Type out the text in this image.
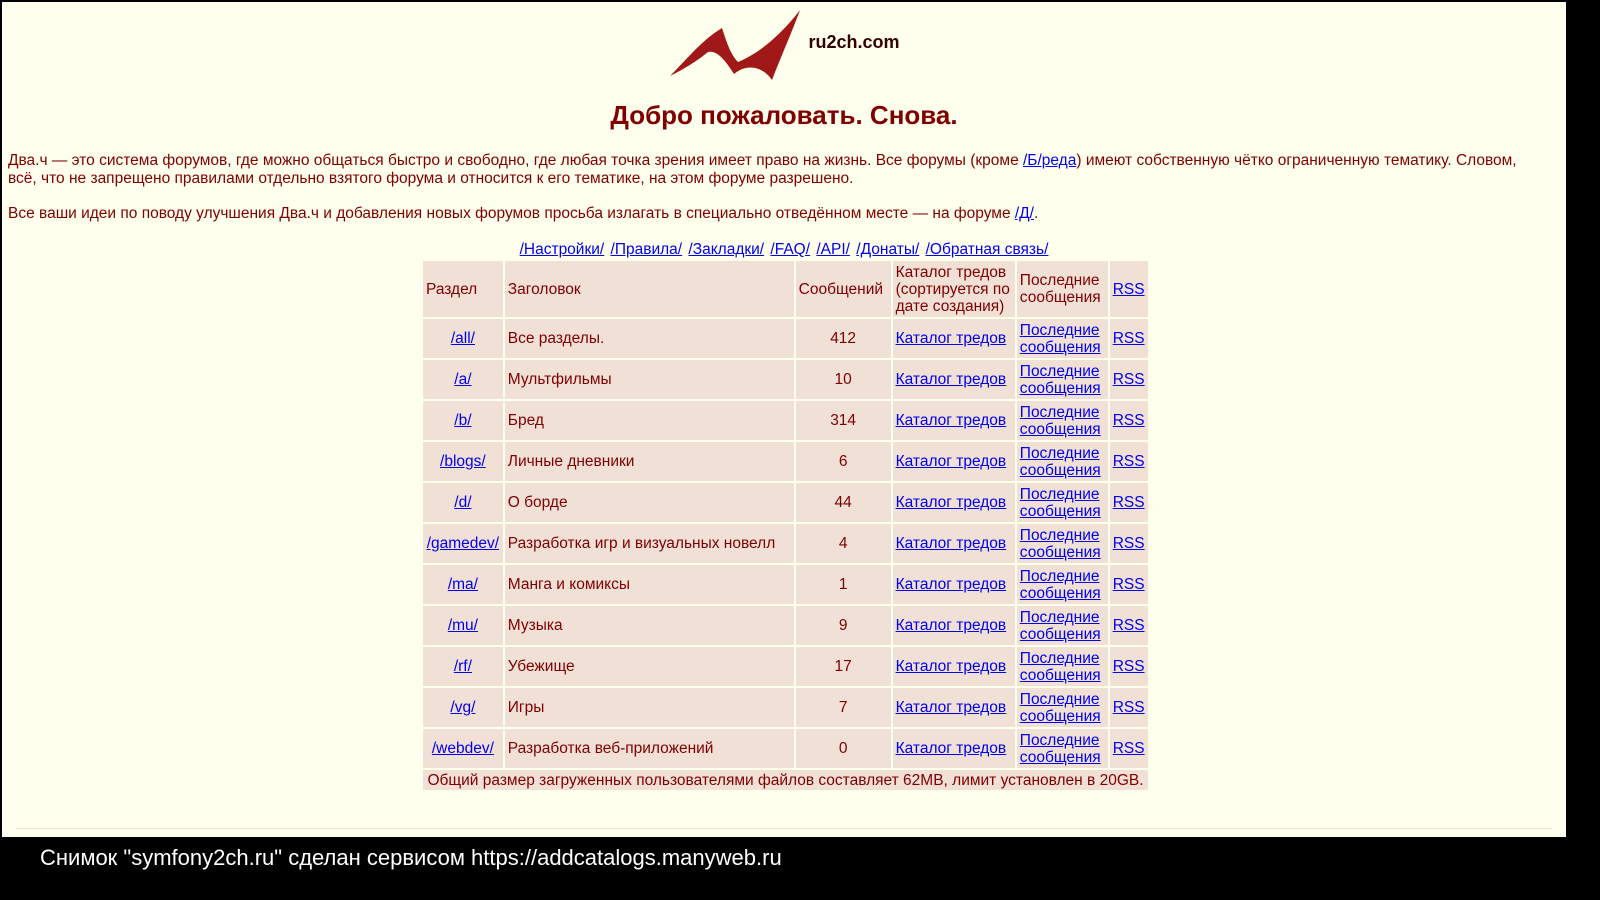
ru2ch.com
Добро пожаловать. Снова.

Два.ч — это система форумов, где можно общаться быстро и свободно, где любая точка зрения имеет право на жизнь. Все форумы (кроме /Б/реда) имеют собственную чётко ограниченную тематику. Словом, всё, что не запрещено правилами отдельно взятого форума и относится к его тематике, на этом форуме разрешено.

Все ваши идеи по поводу улучшения Два.ч и добавления новых форумов просьба излагать в специально отведённом месте — на форуме /Д/.

/Настройки/ /Правила/ /Закладки/ /FAQ/ /API/ /Донаты/ /Обратная связь/
Раздел	Заголовок	Сообщений	Каталог тредов (сортируется по дате создания)	Последние сообщения	RSS
/all/	Все разделы.	412	Каталог тредов	Последние сообщения	RSS
/a/	Мультфильмы	10	Каталог тредов	Последние сообщения	RSS
/b/	Бред	314	Каталог тредов	Последние сообщения	RSS
/blogs/	Личные дневники	6	Каталог тредов	Последние сообщения	RSS
/d/	О борде	44	Каталог тредов	Последние сообщения	RSS
/gamedev/	Разработка игр и визуальных новелл	4	Каталог тредов	Последние сообщения	RSS
/ma/	Манга и комиксы	1	Каталог тредов	Последние сообщения	RSS
/mu/	Музыка	9	Каталог тредов	Последние сообщения	RSS
/rf/	Убежище	17	Каталог тредов	Последние сообщения	RSS
/vg/	Игры	7	Каталог тредов	Последние сообщения	RSS
/webdev/	Разработка веб-приложений	0	Каталог тредов	Последние сообщения	RSS
Общий размер загруженных пользователями файлов составляет 62MB, лимит установлен в 20GB.					
Снимок "symfony2ch.ru" сделан сервисом https://addcatalogs.manyweb.ru
